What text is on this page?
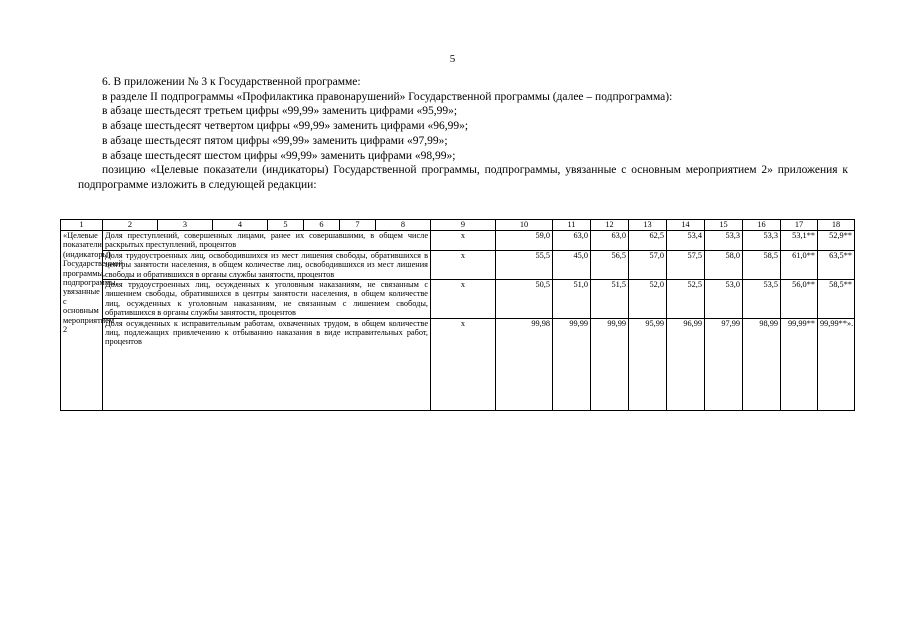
5

6. В приложении № 3 к Государственной программе:

в разделе II подпрограммы «Профилактика правонарушений» Государственной программы (далее – подпрограмма):

в абзаце шестьдесят третьем цифры «99,99» заменить цифрами «95,99»;

в абзаце шестьдесят четвертом цифры «99,99» заменить цифрами «96,99»;

в абзаце шестьдесят пятом цифры «99,99» заменить цифрами «97,99»;

в абзаце шестьдесят шестом цифры «99,99» заменить цифрами «98,99»;

позицию «Целевые показатели (индикаторы) Государственной программы, подпрограммы, увязанные с основным мероприятием 2» приложения к подпрограмме изложить в следующей редакции:

1	2	3	4	5	6	7	8	9	10	11	12	13	14	15	16	17	18
«Целевые показатели (индикаторы) Государственной программы, подпрограммы, увязанные с основным мероприятием 2	Доля преступлений, совершенных лицами, ранее их совершавшими, в общем числе раскрытых преступлений, процентов							х	59,0	63,0	63,0	62,5	53,4	53,3	53,3	53,1**	52,9**
	Доля трудоустроенных лиц, освободившихся из мест лишения свободы, обратившихся в центры занятости населения, в общем количестве лиц, освободившихся из мест лишения свободы и обратившихся в органы службы занятости, процентов							х	55,5	45,0	56,5	57,0	57,5	58,0	58,5	61,0**	63,5**
	Доля трудоустроенных лиц, осужденных к уголовным наказаниям, не связанным с лишением свободы, обратившихся в центры занятости населения, в общем количестве лиц, осужденных к уголовным наказаниям, не связанным с лишением свободы, обратившихся в органы службы занятости, процентов							х	50,5	51,0	51,5	52,0	52,5	53,0	53,5	56,0**	58,5**
	Доля осужденных к исправительным работам, охваченных трудом, в общем количестве лиц, подлежащих привлечению к отбыванию наказания в виде исправительных работ, процентов							х	99,98	99,99	99,99	95,99	96,99	97,99	98,99	99,99**	99,99**».
